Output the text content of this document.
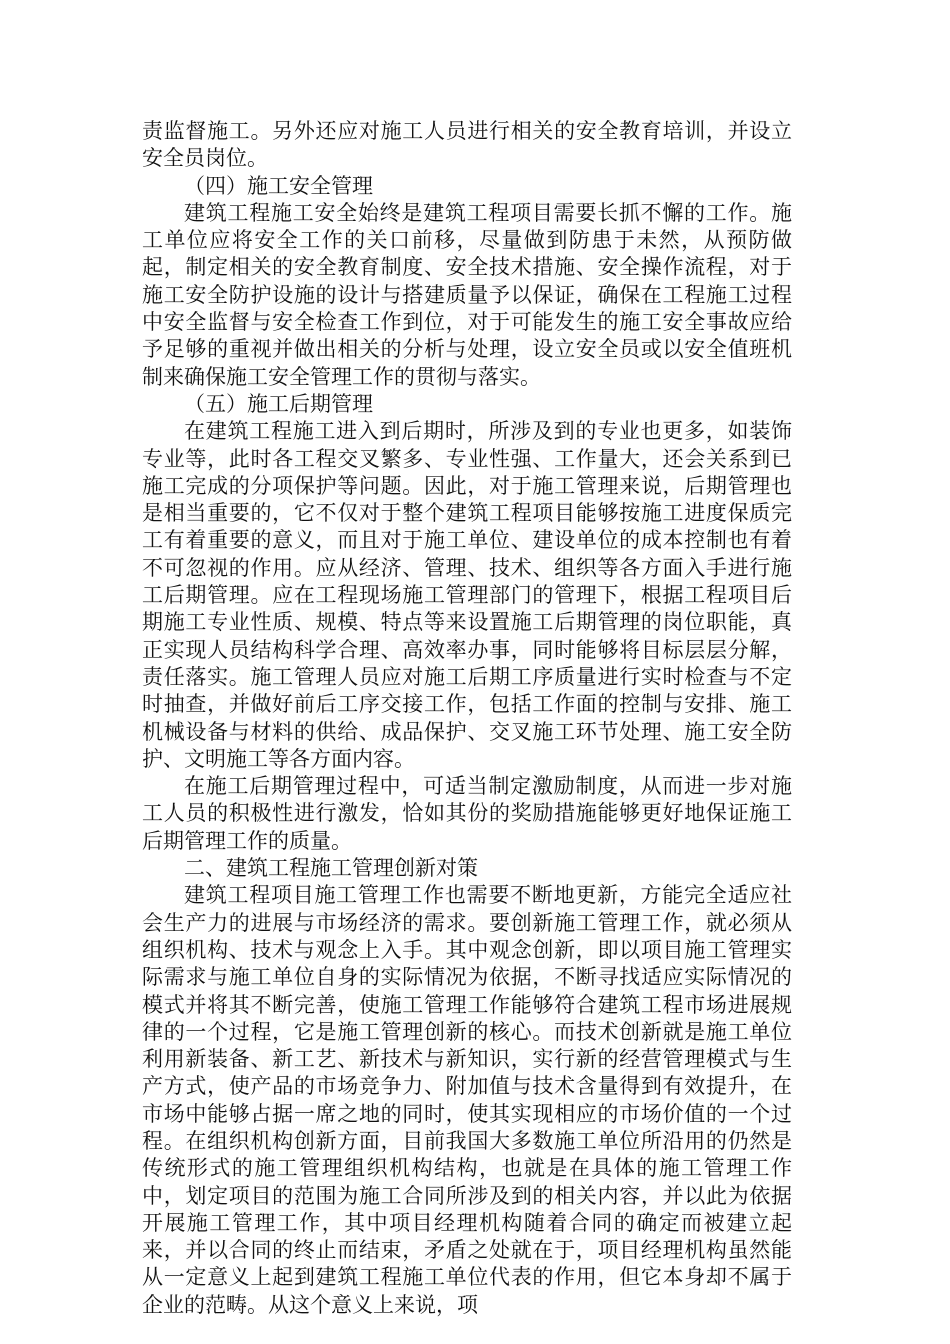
责监督施工。另外还应对施工人员进行相关的安全教育培训，并设立安全员岗位。

（四）施工安全管理

建筑工程施工安全始终是建筑工程项目需要长抓不懈的工作。施工单位应将安全工作的关口前移，尽量做到防患于未然，从预防做起，制定相关的安全教育制度、安全技术措施、安全操作流程，对于施工安全防护设施的设计与搭建质量予以保证，确保在工程施工过程中安全监督与安全检查工作到位，对于可能发生的施工安全事故应给予足够的重视并做出相关的分析与处理，设立安全员或以安全值班机制来确保施工安全管理工作的贯彻与落实。

（五）施工后期管理

在建筑工程施工进入到后期时，所涉及到的专业也更多，如装饰专业等，此时各工程交叉繁多、专业性强、工作量大，还会关系到已施工完成的分项保护等问题。因此，对于施工管理来说，后期管理也是相当重要的，它不仅对于整个建筑工程项目能够按施工进度保质完工有着重要的意义，而且对于施工单位、建设单位的成本控制也有着不可忽视的作用。应从经济、管理、技术、组织等各方面入手进行施工后期管理。应在工程现场施工管理部门的管理下，根据工程项目后期施工专业性质、规模、特点等来设置施工后期管理的岗位职能，真正实现人员结构科学合理、高效率办事，同时能够将目标层层分解，责任落实。施工管理人员应对施工后期工序质量进行实时检查与不定时抽查，并做好前后工序交接工作，包括工作面的控制与安排、施工机械设备与材料的供给、成品保护、交叉施工环节处理、施工安全防护、文明施工等各方面内容。

在施工后期管理过程中，可适当制定激励制度，从而进一步对施工人员的积极性进行激发，恰如其份的奖励措施能够更好地保证施工后期管理工作的质量。

二、建筑工程施工管理创新对策

建筑工程项目施工管理工作也需要不断地更新，方能完全适应社会生产力的进展与市场经济的需求。要创新施工管理工作，就必须从组织机构、技术与观念上入手。其中观念创新，即以项目施工管理实际需求与施工单位自身的实际情况为依据，不断寻找适应实际情况的模式并将其不断完善，使施工管理工作能够符合建筑工程市场进展规律的一个过程，它是施工管理创新的核心。而技术创新就是施工单位利用新装备、新工艺、新技术与新知识，实行新的经营管理模式与生产方式，使产品的市场竞争力、附加值与技术含量得到有效提升，在市场中能够占据一席之地的同时，使其实现相应的市场价值的一个过程。在组织机构创新方面，目前我国大多数施工单位所沿用的仍然是传统形式的施工管理组织机构结构，也就是在具体的施工管理工作中，划定项目的范围为施工合同所涉及到的相关内容，并以此为依据开展施工管理工作，其中项目经理机构随着合同的确定而被建立起来，并以合同的终止而结束，矛盾之处就在于，项目经理机构虽然能从一定意义上起到建筑工程施工单位代表的作用，但它本身却不属于企业的范畴。从这个意义上来说，项
